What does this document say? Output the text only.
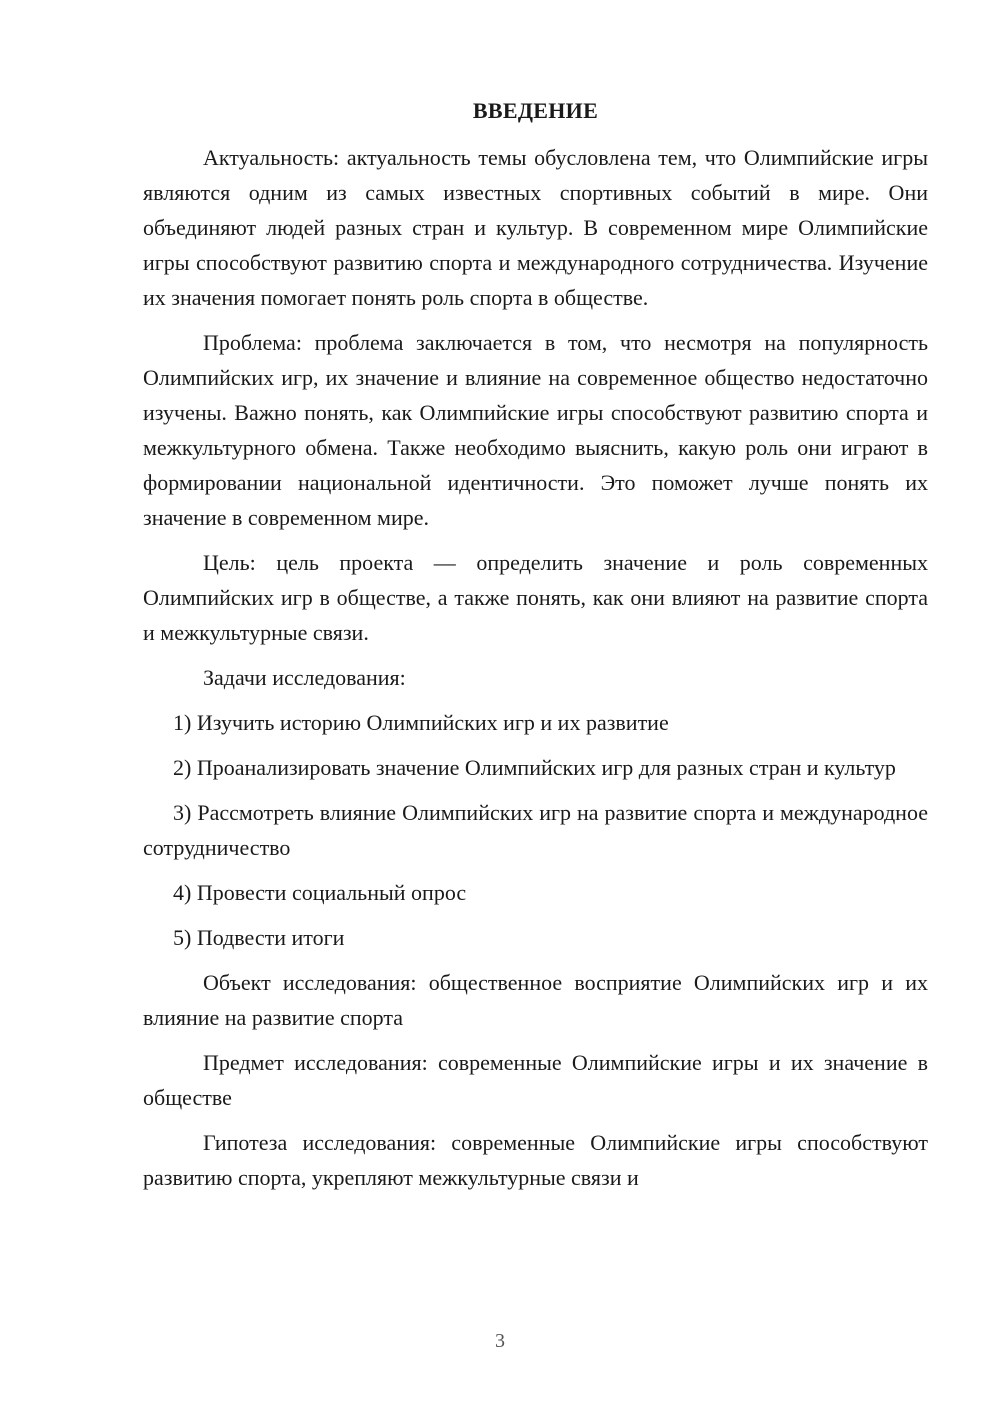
ВВЕДЕНИЕ

Актуальность: актуальность темы обусловлена тем, что Олимпийские игры являются одним из самых известных спортивных событий в мире. Они объединяют людей разных стран и культур. В современном мире Олимпийские игры способствуют развитию спорта и международного сотрудничества. Изучение их значения помогает понять роль спорта в обществе.

Проблема: проблема заключается в том, что несмотря на популярность Олимпийских игр, их значение и влияние на современное общество недостаточно изучены. Важно понять, как Олимпийские игры способствуют развитию спорта и межкультурного обмена. Также необходимо выяснить, какую роль они играют в формировании национальной идентичности. Это поможет лучше понять их значение в современном мире.

Цель: цель проекта — определить значение и роль современных Олимпийских игр в обществе, а также понять, как они влияют на развитие спорта и межкультурные связи.

Задачи исследования:

1) Изучить историю Олимпийских игр и их развитие

2) Проанализировать значение Олимпийских игр для разных стран и культур

3) Рассмотреть влияние Олимпийских игр на развитие спорта и международное сотрудничество

4) Провести социальный опрос

5) Подвести итоги

Объект исследования: общественное восприятие Олимпийских игр и их влияние на развитие спорта

Предмет исследования: современные Олимпийские игры и их значение в обществе

Гипотеза исследования: современные Олимпийские игры способствуют развитию спорта, укрепляют межкультурные связи и

3
